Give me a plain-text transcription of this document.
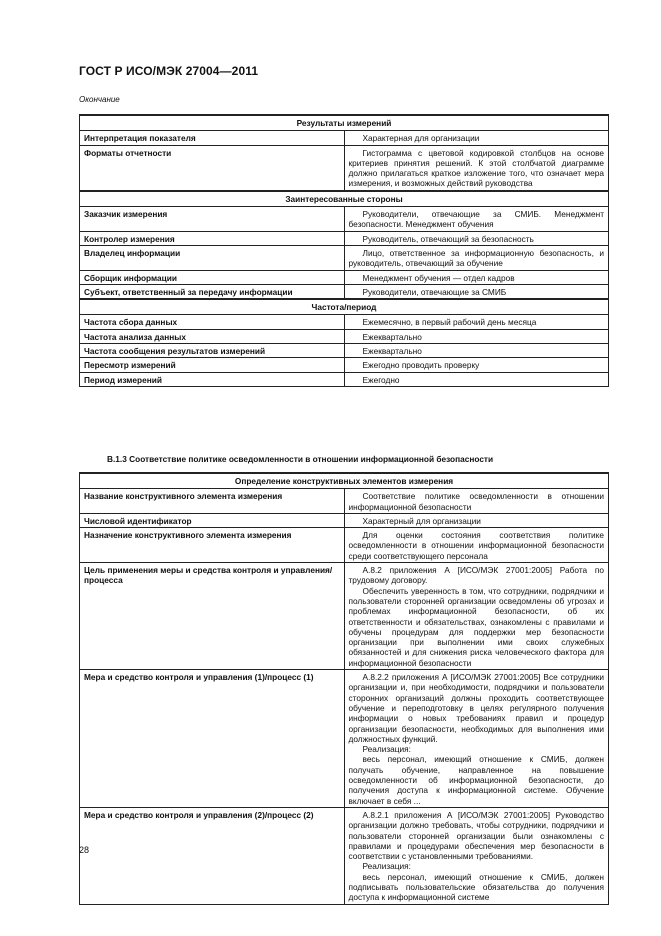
ГОСТ Р ИСО/МЭК 27004—2011
Окончание
Результаты измерений	
Интерпретация показателя	Характерная для организации

Форматы отчетности	Гистограмма с цветовой кодировкой столбцов на основе критериев принятия решений. К этой столбчатой диаграмме должно прилагаться краткое изложение того, что означает мера измерения, и возможных действий руководства

Заинтересованные стороны	
Заказчик измерения	Руководители, отвечающие за СМИБ. Менеджмент безопасности. Менеджмент обучения

Контролер измерения	Руководитель, отвечающий за безопасность

Владелец информации	Лицо, ответственное за информационную безопасность, и руководитель, отвечающий за обучение

Сборщик информации	Менеджмент обучения — отдел кадров

Субъект, ответственный за передачу информации	Руководители, отвечающие за СМИБ

Частота/период	
Частота сбора данных	Ежемесячно, в первый рабочий день месяца

Частота анализа данных	Ежеквартально

Частота сообщения результатов измерений	Ежеквартально

Пересмотр измерений	Ежегодно проводить проверку

Период измерений	Ежегодно

В.1.3 Соответствие политике осведомленности в отношении информационной безопасности
Определение конструктивных элементов измерения	
Название конструктивного элемента измерения	Соответствие политике осведомленности в отношении информационной безопасности

Числовой идентификатор	Характерный для организации

Назначение конструктивного элемента измерения	Для оценки состояния соответствия политике осведомленности в отношении информационной безопасности среди соответствующего персонала

Цель применения меры и средства контроля и управления/процесса	А.8.2 приложения А [ИСО/МЭК 27001:2005] Работа по трудовому договору.

Обеспечить уверенность в том, что сотрудники, подрядчики и пользователи сторонней организации осведомлены об угрозах и проблемах информационной безопасности, об их ответственности и обязательствах, ознакомлены с правилами и обучены процедурам для поддержки мер безопасности организации при выполнении ими своих служебных обязанностей и для снижения риска человеческого фактора для информационной безопасности

Мера и средство контроля и управления (1)/процесс (1)	А.8.2.2 приложения А [ИСО/МЭК 27001:2005] Все сотрудники организации и, при необходимости, подрядчики и пользователи сторонних организаций должны проходить соответствующее обучение и переподготовку в целях регулярного получения информации о новых требованиях правил и процедур организации безопасности, необходимых для выполнения ими должностных функций.

Реализация:

весь персонал, имеющий отношение к СМИБ, должен получать обучение, направленное на повышение осведомленности об информационной безопасности, до получения доступа к информационной системе. Обучение включает в себя ...

Мера и средство контроля и управления (2)/процесс (2)	А.8.2.1 приложения А [ИСО/МЭК 27001:2005] Руководство организации должно требовать, чтобы сотрудники, подрядчики и пользователи сторонней организации были ознакомлены с правилами и процедурами обеспечения мер безопасности в соответствии с установленными требованиями.

Реализация:

весь персонал, имеющий отношение к СМИБ, должен подписывать пользовательские обязательства до получения доступа к информационной системе

28
